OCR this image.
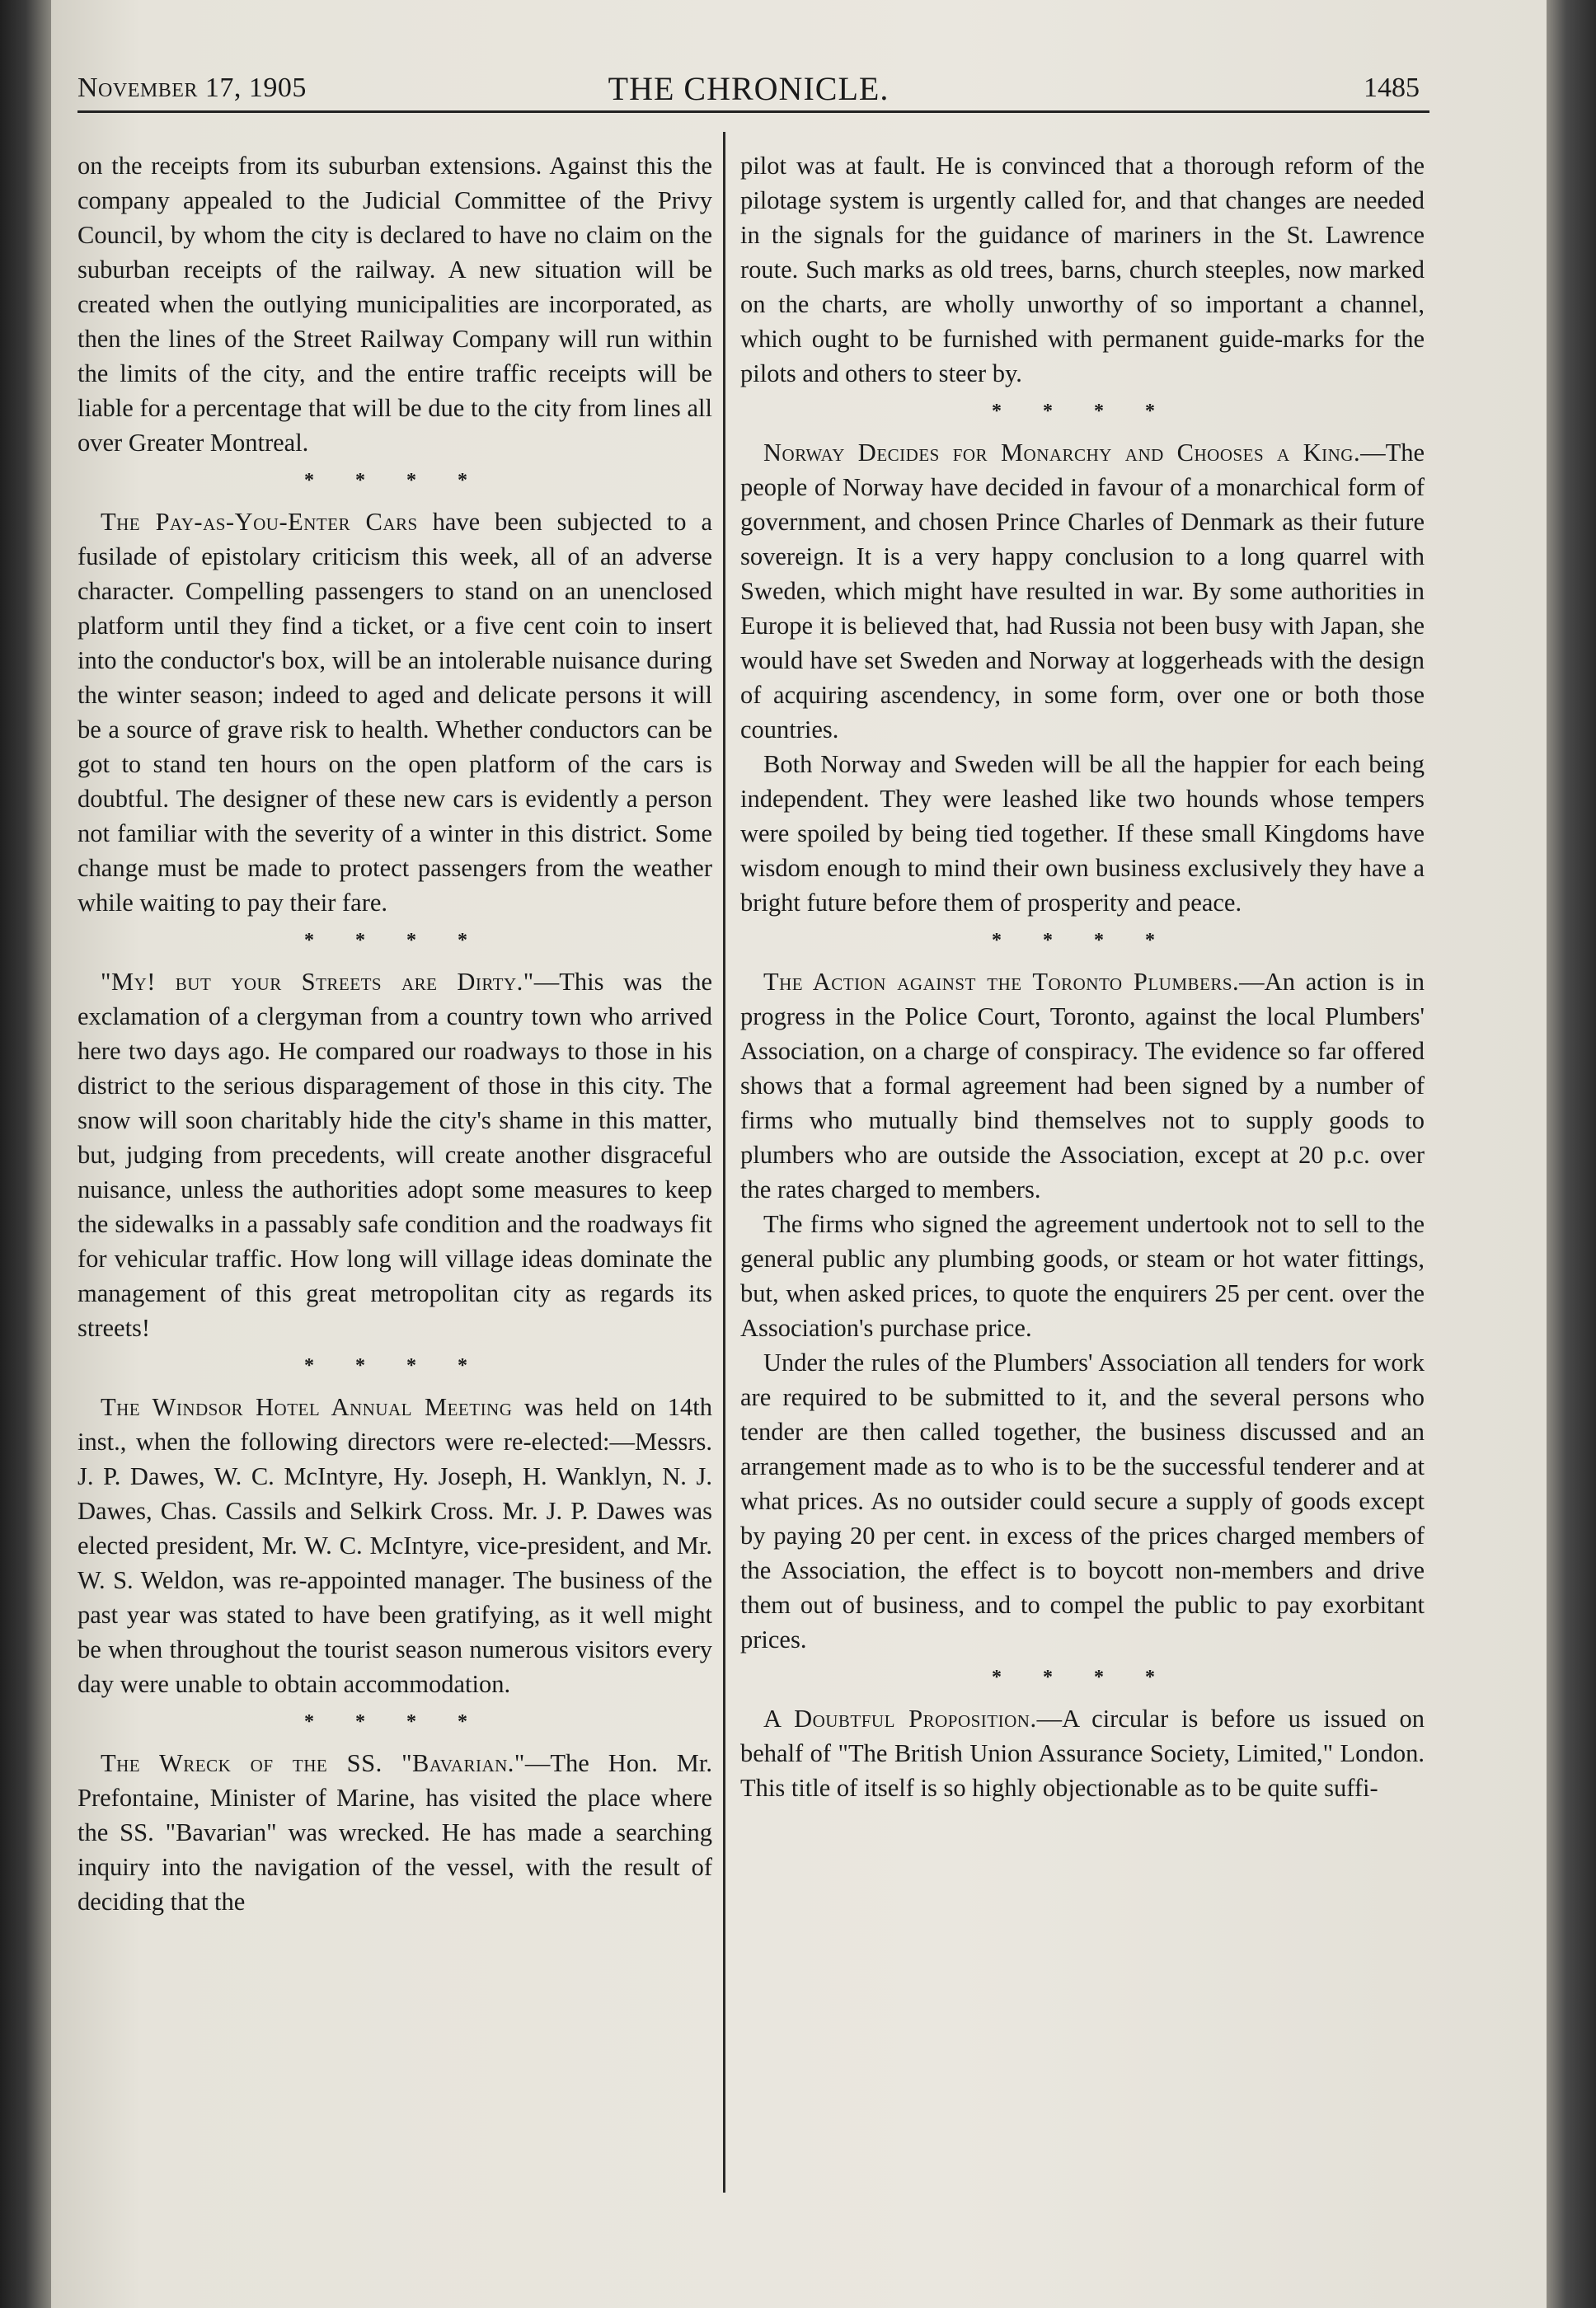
November 17, 1905	THE CHRONICLE.	1485

on the receipts from its suburban extensions. Against this the company appealed to the Judicial Committee of the Privy Council, by whom the city is declared to have no claim on the suburban receipts of the railway. A new situation will be created when the outlying municipalities are incorporated, as then the lines of the Street Railway Company will run within the limits of the city, and the entire traffic receipts will be liable for a percentage that will be due to the city from lines all over Greater Montreal.

* * * *

The Pay-as-You-Enter Cars have been subjected to a fusilade of epistolary criticism this week, all of an adverse character. Compelling passengers to stand on an unenclosed platform until they find a ticket, or a five cent coin to insert into the conductor's box, will be an intolerable nuisance during the winter season; indeed to aged and delicate persons it will be a source of grave risk to health. Whether conductors can be got to stand ten hours on the open platform of the cars is doubtful. The designer of these new cars is evidently a person not familiar with the severity of a winter in this district. Some change must be made to protect passengers from the weather while waiting to pay their fare.

* * * *

"My! but your Streets are Dirty."—This was the exclamation of a clergyman from a country town who arrived here two days ago. He compared our roadways to those in his district to the serious disparagement of those in this city. The snow will soon charitably hide the city's shame in this matter, but, judging from precedents, will create another disgraceful nuisance, unless the authorities adopt some measures to keep the sidewalks in a passably safe condition and the roadways fit for vehicular traffic. How long will village ideas dominate the management of this great metropolitan city as regards its streets!

* * * *

The Windsor Hotel Annual Meeting was held on 14th inst., when the following directors were re-elected:—Messrs. J. P. Dawes, W. C. McIntyre, Hy. Joseph, H. Wanklyn, N. J. Dawes, Chas. Cassils and Selkirk Cross. Mr. J. P. Dawes was elected president, Mr. W. C. McIntyre, vice-president, and Mr. W. S. Weldon, was re-appointed manager. The business of the past year was stated to have been gratifying, as it well might be when throughout the tourist season numerous visitors every day were unable to obtain accommodation.

* * * *

The Wreck of the SS. "Bavarian."—The Hon. Mr. Prefontaine, Minister of Marine, has visited the place where the SS. "Bavarian" was wrecked. He has made a searching inquiry into the navigation of the vessel, with the result of deciding that the

pilot was at fault. He is convinced that a thorough reform of the pilotage system is urgently called for, and that changes are needed in the signals for the guidance of mariners in the St. Lawrence route. Such marks as old trees, barns, church steeples, now marked on the charts, are wholly unworthy of so important a channel, which ought to be furnished with permanent guide-marks for the pilots and others to steer by.

* * * *

Norway Decides for Monarchy and Chooses a King.—The people of Norway have decided in favour of a monarchical form of government, and chosen Prince Charles of Denmark as their future sovereign. It is a very happy conclusion to a long quarrel with Sweden, which might have resulted in war. By some authorities in Europe it is believed that, had Russia not been busy with Japan, she would have set Sweden and Norway at loggerheads with the design of acquiring ascendency, in some form, over one or both those countries.

Both Norway and Sweden will be all the happier for each being independent. They were leashed like two hounds whose tempers were spoiled by being tied together. If these small Kingdoms have wisdom enough to mind their own business exclusively they have a bright future before them of prosperity and peace.

* * * *

The Action against the Toronto Plumbers.—An action is in progress in the Police Court, Toronto, against the local Plumbers' Association, on a charge of conspiracy. The evidence so far offered shows that a formal agreement had been signed by a number of firms who mutually bind themselves not to supply goods to plumbers who are outside the Association, except at 20 p.c. over the rates charged to members.

The firms who signed the agreement undertook not to sell to the general public any plumbing goods, or steam or hot water fittings, but, when asked prices, to quote the enquirers 25 per cent. over the Association's purchase price.

Under the rules of the Plumbers' Association all tenders for work are required to be submitted to it, and the several persons who tender are then called together, the business discussed and an arrangement made as to who is to be the successful tenderer and at what prices. As no outsider could secure a supply of goods except by paying 20 per cent. in excess of the prices charged members of the Association, the effect is to boycott non-members and drive them out of business, and to compel the public to pay exorbitant prices.

* * * *

A Doubtful Proposition.—A circular is before us issued on behalf of "The British Union Assurance Society, Limited," London. This title of itself is so highly objectionable as to be quite suffi-
